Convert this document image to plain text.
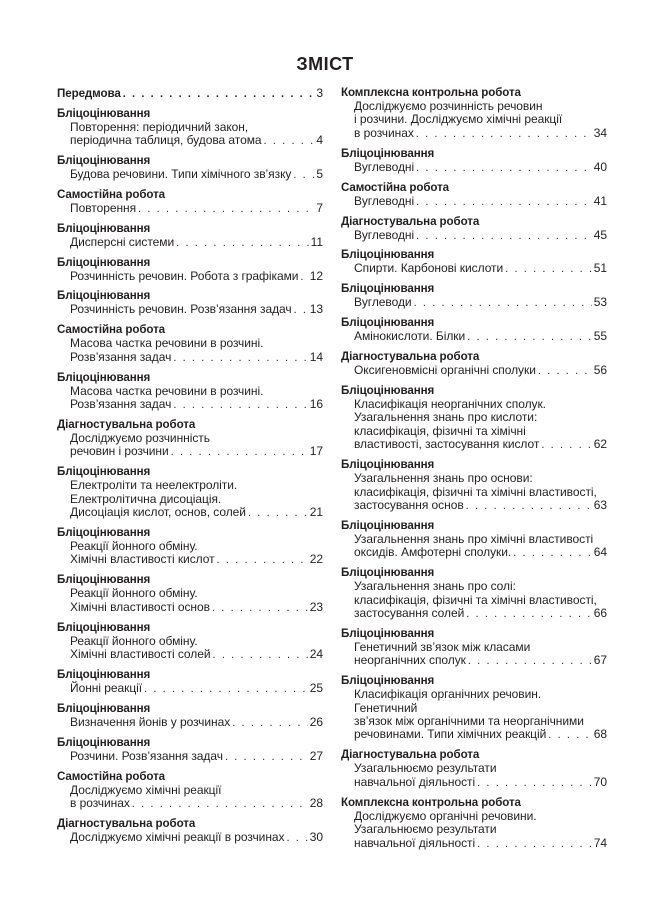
ЗМІСТ
Передмова . . .	3
Бліцоцінювання
Повторення: періодичний закон,
періодична таблиця, будова атома . . .	4
Бліцоцінювання
Будова речовини. Типи хімічного зв’язку . . . 5
Самостійна робота
Повторення . . .	7
Бліцоцінювання
Дисперсні системи . . .	11
Бліцоцінювання
Розчинність речовин. Робота з графіками . . . 12
Бліцоцінювання
Розчинність речовин. Розв’язання задач . . . 13
Самостійна робота
Масова частка речовини в розчині.
Розв’язання задач . . .	14
Бліцоцінювання
Масова частка речовини в розчині.
Розв’язання задач . . .	16
Діагностувальна робота
Досліджуємо розчинність
речовин і розчини . . .	17
Бліцоцінювання
Електроліти та неелектроліти.
Електролітична дисоціація.
Дисоціація кислот, основ, солей . . .	21
Бліцоцінювання
Реакції йонного обміну.
Хімічні властивості кислот . . .	22
Бліцоцінювання
Реакції йонного обміну.
Хімічні властивості основ . . .	23
Бліцоцінювання
Реакції йонного обміну.
Хімічні властивості солей . . .	24
Бліцоцінювання
Йонні реакції . . .	25
Бліцоцінювання
Визначення йонів у розчинах . . .	26
Бліцоцінювання
Розчини. Розв’язання задач . . .	27
Самостійна робота
Досліджуємо хімічні реакції
в розчинах . . .	28
Діагностувальна робота
Досліджуємо хімічні реакції в розчинах . . . 30
Комплексна контрольна робота
Досліджуємо розчинність речовин
і розчини. Досліджуємо хімічні реакції
в розчинах . . .	34
Бліцоцінювання
Вуглеводні . . .	40
Самостійна робота
Вуглеводні . . .	41
Діагностувальна робота
Вуглеводні . . .	45
Бліцоцінювання
Спирти. Карбонові кислоти . . .	51
Бліцоцінювання
Вуглеводи . . .	53
Бліцоцінювання
Амінокислоти. Білки . . .	55
Діагностувальна робота
Оксигеновмісні органічні сполуки . . .	56
Бліцоцінювання
Класифікація неорганічних сполук.
Узагальнення знань про кислоти:
класифікація, фізичні та хімічні
властивості, застосування кислот . . .	62
Бліцоцінювання
Узагальнення знань про основи:
класифікація, фізичні та хімічні властивості,
застосування основ . . .	63
Бліцоцінювання
Узагальнення знань про хімічні властивості
оксидів. Амфотерні сполуки. . . .	64
Бліцоцінювання
Узагальнення знань про солі:
класифікація, фізичні та хімічні властивості,
застосування солей . . .	66
Бліцоцінювання
Генетичний зв’язок між класами
неорганічних сполук . . .	67
Бліцоцінювання
Класифікація органічних речовин. Генетичний
зв’язок між органічними та неорганічними
речовинами. Типи хімічних реакцій . . .	68
Діагностувальна робота
Узагальнюємо результати
навчальної діяльності . . .	70
Комплексна контрольна робота
Досліджуємо органічні речовини.
Узагальнюємо результати
навчальної діяльності . . .	74
